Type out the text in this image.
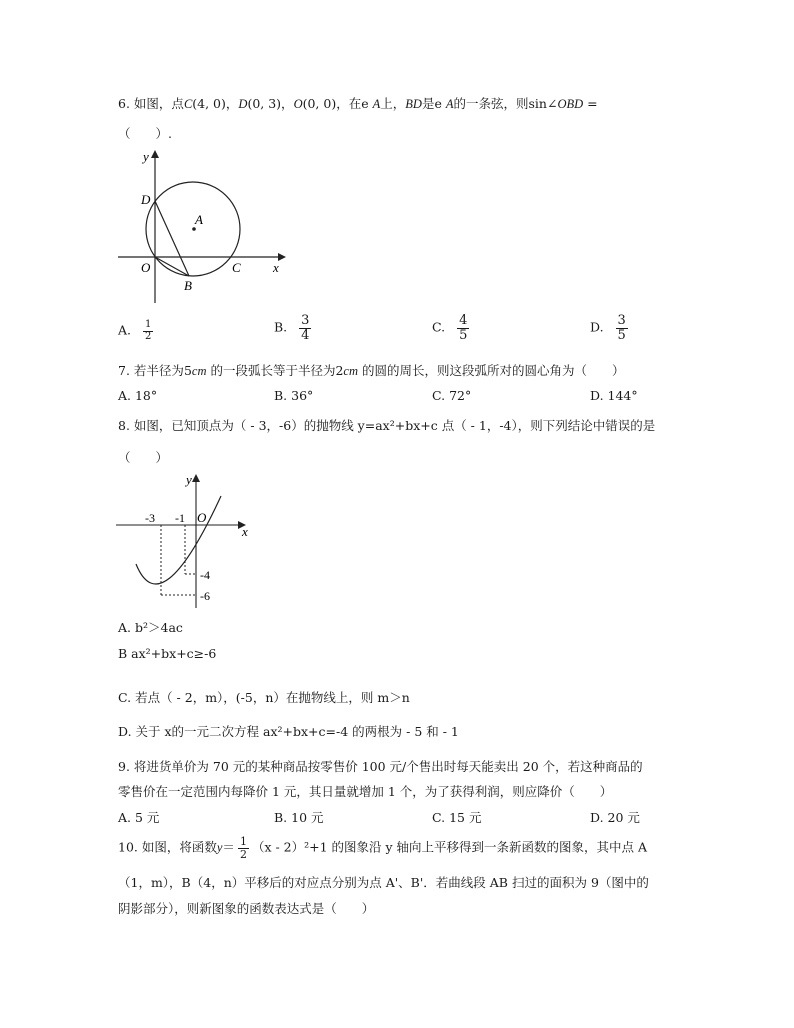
6. 如图，点C(4, 0)，D(0, 3)，O(0, 0)，在e A上，BD是e A的一条弦，则sin∠OBD =
（　　）.
y
x
D
A
O	C
B
A. $\frac{1}{2}$	B. $\frac{3}{4}$	C. $\frac{4}{5}$	D. $\frac{3}{5}$
7. 若半径为5cm 的一段弧长等于半径为2cm 的圆的周长，则这段弧所对的圆心角为（　　）
A. 18°	B. 36°	C. 72°	D. 144°
8. 如图，已知顶点为（ - 3，-6）的抛物线 y=ax²+bx+c 点（ - 1，-4），则下列结论中错误的是
（　　）
y
x
-3 -1 O
-4
-6
A. b²＞4ac
B ax²+bx+c≥-6
C. 若点（ - 2，m），(-5，n）在抛物线上，则 m＞n
D. 关于 x的一元二次方程 ax²+bx+c=-4 的两根为 - 5 和 - 1
9. 将进货单价为 70 元的某种商品按零售价 100 元/个售出时每天能卖出 20 个，若这种商品的
零售价在一定范围内每降价 1 元，其日量就增加 1 个，为了获得利润，则应降价（　　）
A. 5 元	B. 10 元	C. 15 元	D. 20 元
10. 如图，将函数$y= \frac{1}{2} (x - 2)^2+1$ 的图象沿 y 轴向上平移得到一条新函数的图象，其中点 A
（1，m），B（4，n）平移后的对应点分别为点 A'、B'．若曲线段 AB 扫过的面积为 9（图中的
阴影部分），则新图象的函数表达式是（　　）
